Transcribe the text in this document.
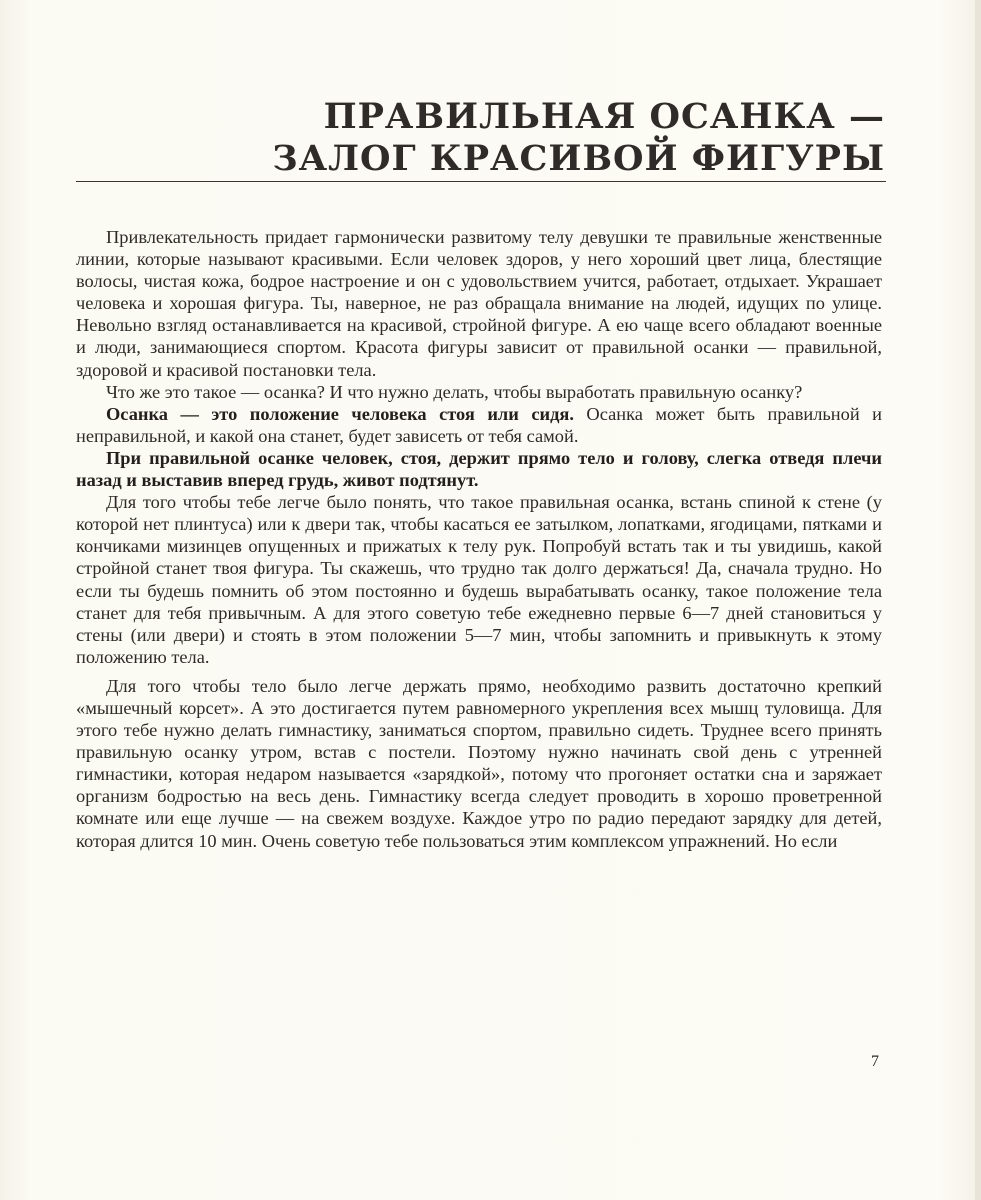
ПРАВИЛЬНАЯ ОСАНКА —
ЗАЛОГ КРАСИВОЙ ФИГУРЫ

Привлекательность придает гармонически развитому телу девушки те правильные женственные линии, которые называют красивыми. Если человек здоров, у него хороший цвет лица, блестящие волосы, чистая кожа, бодрое настроение и он с удовольствием учится, работает, отдыхает. Украшает человека и хорошая фигура. Ты, наверное, не раз обращала внимание на людей, идущих по улице. Невольно взгляд останавливается на красивой, стройной фигуре. А ею чаще всего обладают военные и люди, занимающиеся спортом. Красота фигуры зависит от правильной осанки — правильной, здоровой и красивой постановки тела.

Что же это такое — осанка? И что нужно делать, чтобы выработать правильную осанку?

Осанка — это положение человека стоя или сидя. Осанка может быть правильной и неправильной, и какой она станет, будет зависеть от тебя самой.

При правильной осанке человек, стоя, держит прямо тело и голову, слегка отведя плечи назад и выставив вперед грудь, живот подтянут.

Для того чтобы тебе легче было понять, что такое правильная осанка, встань спиной к стене (у которой нет плинтуса) или к двери так, чтобы касаться ее затылком, лопатками, ягодицами, пятками и кончиками мизинцев опущенных и прижатых к телу рук. Попробуй встать так и ты увидишь, какой стройной станет твоя фигура. Ты скажешь, что трудно так долго держаться! Да, сначала трудно. Но если ты будешь помнить об этом постоянно и будешь вырабатывать осанку, такое положение тела станет для тебя привычным. А для этого советую тебе ежедневно первые 6—7 дней становиться у стены (или двери) и стоять в этом положении 5—7 мин, чтобы запомнить и привыкнуть к этому положению тела.

Для того чтобы тело было легче держать прямо, необходимо развить достаточно крепкий «мышечный корсет». А это достигается путем равномерного укрепления всех мышц туловища. Для этого тебе нужно делать гимнастику, заниматься спортом, правильно сидеть. Труднее всего принять правильную осанку утром, встав с постели. Поэтому нужно начинать свой день с утренней гимнастики, которая недаром называется «зарядкой», потому что прогоняет остатки сна и заряжает организм бодростью на весь день. Гимнастику всегда следует проводить в хорошо проветренной комнате или еще лучше — на свежем воздухе. Каждое утро по радио передают зарядку для детей, которая длится 10 мин. Очень советую тебе пользоваться этим комплексом упражнений. Но если

7
